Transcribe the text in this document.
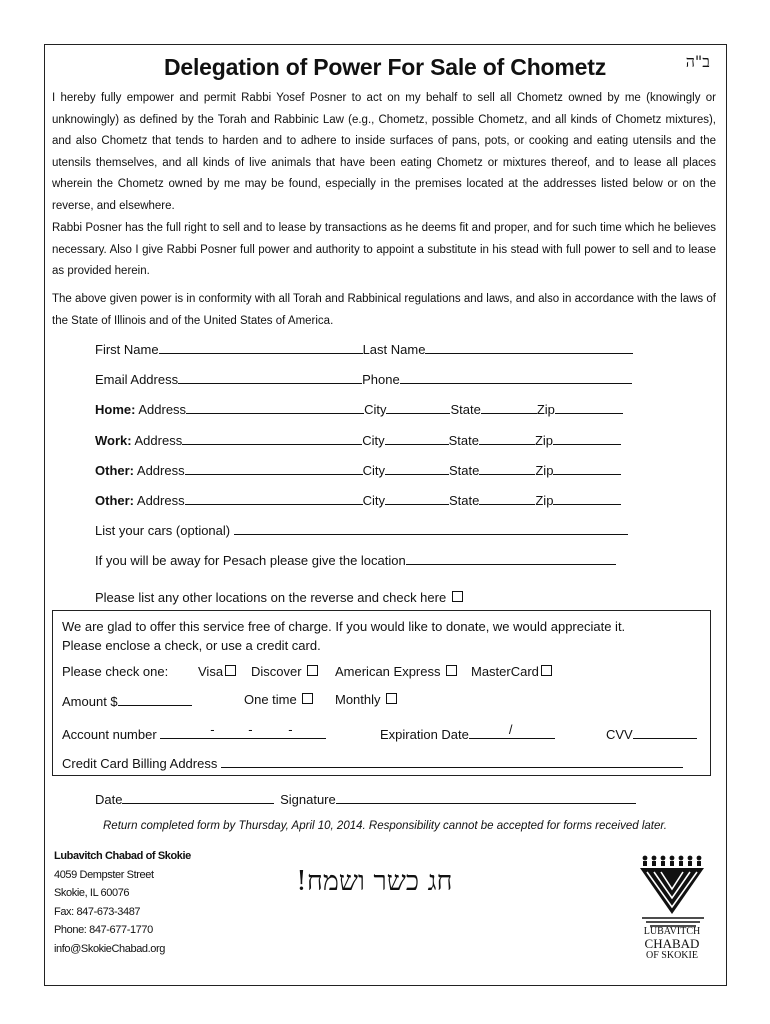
Delegation of Power For Sale of Chometz	ב"ה
I hereby fully empower and permit Rabbi Yosef Posner to act on my behalf to sell all Chometz owned by me (knowingly or unknowingly) as defined by the Torah and Rabbinic Law (e.g., Chometz, possible Chometz, and all kinds of Chometz mixtures), and also Chometz that tends to harden and to adhere to inside surfaces of pans, pots, or cooking and eating utensils and the utensils themselves, and all kinds of live animals that have been eating Chometz or mixtures thereof, and to lease all places wherein the Chometz owned by me may be found, especially in the premises located at the addresses listed below or on the reverse, and elsewhere.
Rabbi Posner has the full right to sell and to lease by transactions as he deems fit and proper, and for such time which he believes necessary. Also I give Rabbi Posner full power and authority to appoint a substitute in his stead with full power to sell and to lease as provided herein.
The above given power is in conformity with all Torah and Rabbinical regulations and laws, and also in accordance with the laws of the State of Illinois and of the United States of America.
First Name	Last Name
Email Address	Phone
Home: Address	City	State	Zip
Work: Address	City	State	Zip
Other: Address	City	State	Zip
Other: Address	City	State	Zip
List your cars (optional)
If you will be away for Pesach please give the location
Please list any other locations on the reverse and check here
We are glad to offer this service free of charge. If you would like to donate, we would appreciate it.
Please enclose a check, or use a credit card.
Please check one: Visa	Discover	American Express	MasterCard
Amount $	One time	Monthly
Account number	-	-	-	Expiration Date	/	CVV
Credit Card Billing Address
Date	Signature
Return completed form by Thursday, April 10, 2014. Responsibility cannot be accepted for forms received later.
Lubavitch Chabad of Skokie
4059 Dempster Street
Skokie, IL 60076
Fax: 847-673-3487
Phone: 847-677-1770
info@SkokieChabad.org
חג כשר ושמח!
LUBAVITCH
CHABAD
OF SKOKIE
